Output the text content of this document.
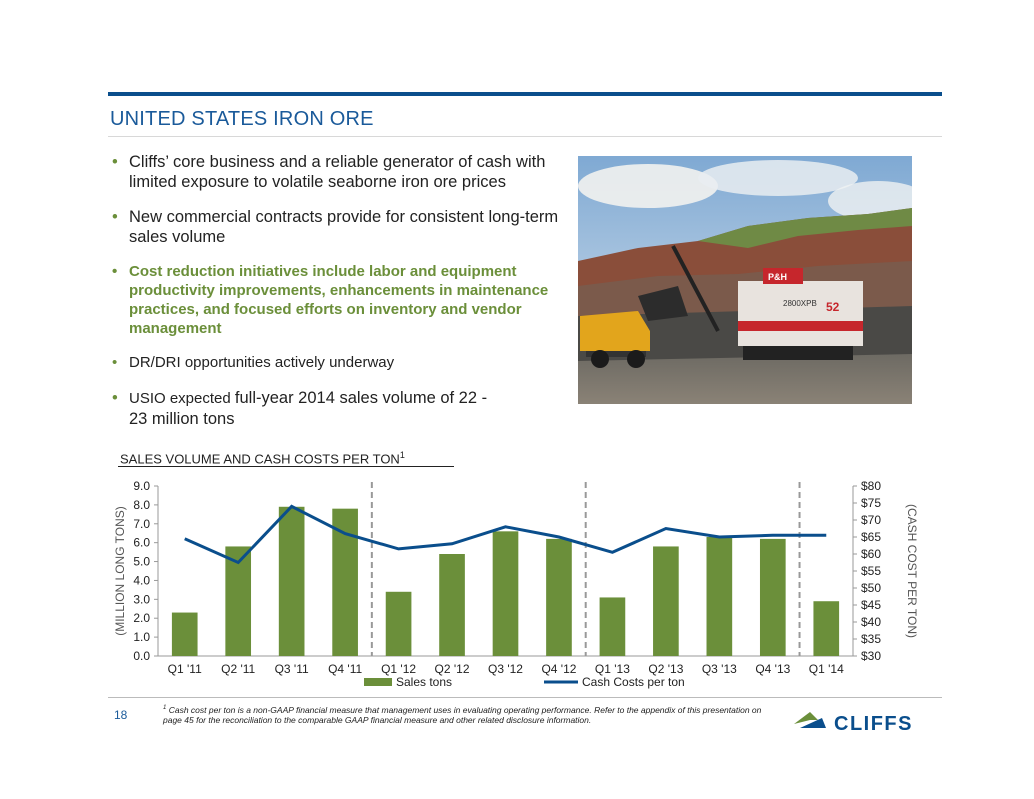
UNITED STATES IRON ORE
• Cliffs’ core business and a reliable generator of cash with limited exposure to volatile seaborne iron ore prices
• New commercial contracts provide for consistent long-term sales volume
• Cost reduction initiatives include labor and equipment productivity improvements, enhancements in maintenance practices, and focused efforts on inventory and vendor management
• DR/DRI opportunities actively underway
• USIO expected full-year 2014 sales volume of 22 - 23 million tons
P&H
2800XPB 52
SALES VOLUME AND CASH COSTS PER TON$^1$
0.0
1.0
2.0
3.0
4.0
5.0
6.0
7.0
8.0
9.0
$30
$35
$40
$45
$50
$55
$60
$65
$70
$75
$80
(MILLION LONG TONS)	(CASH COST PER TON)
Q1 '11 Q2 '11 Q3 '11 Q4 '11 Q1 '12 Q2 '12 Q3 '12 Q4 '12 Q1 '13 Q2 '13 Q3 '13 Q4 '13 Q1 '14
Sales tons	Cash Costs per ton
18	$^1$ Cash cost per ton is a non-GAAP financial measure that management uses in evaluating operating performance. Refer to the appendix of this presentation on page 45 for the reconciliation to the comparable GAAP financial measure and other related disclosure information.	CLIFFS
